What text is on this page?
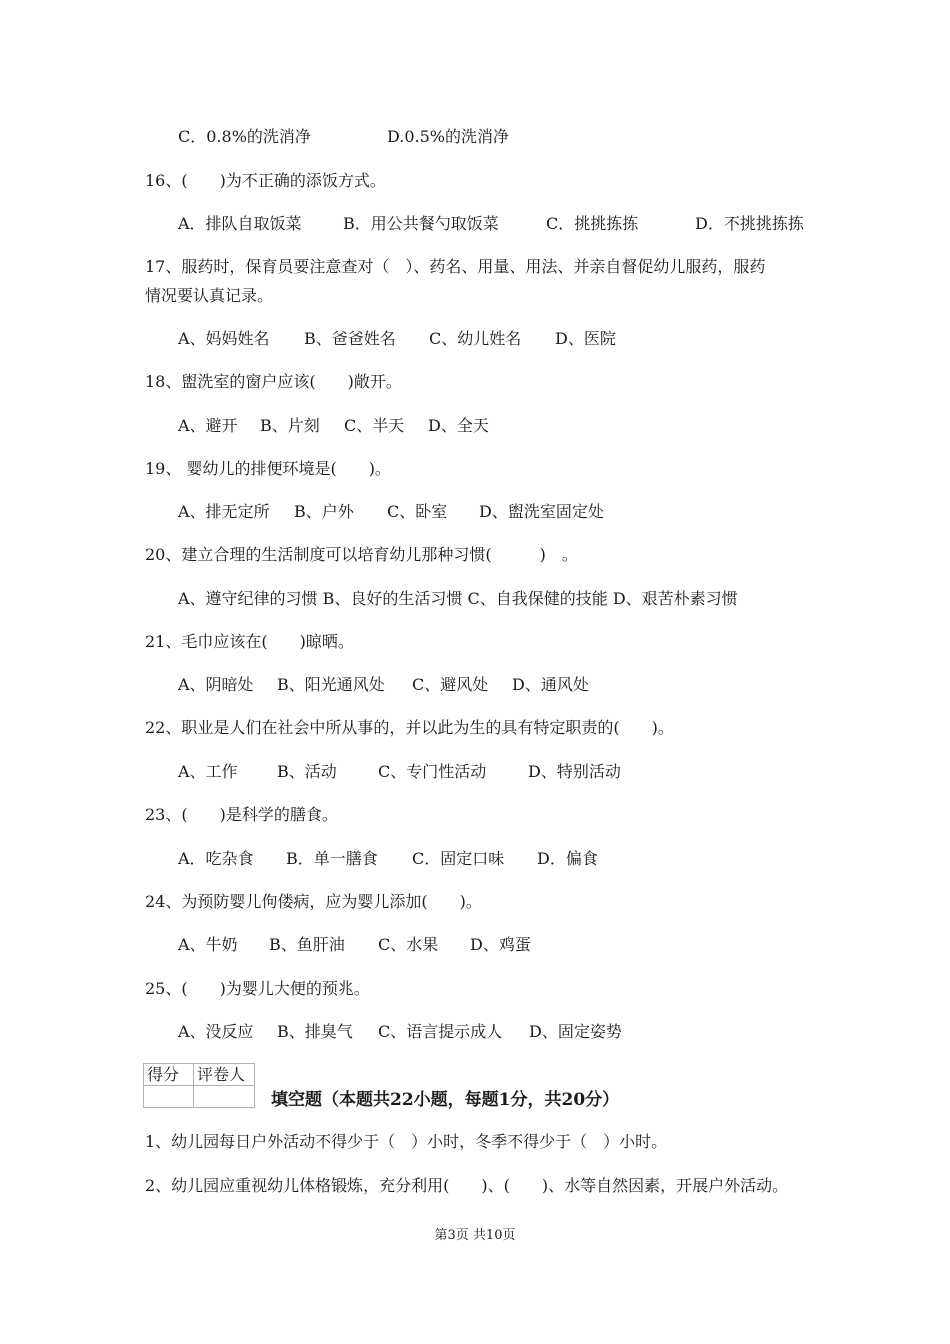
C．0.8%的洗消净	D.0.5%的洗消净
16、(　　)为不正确的添饭方式。
A．排队自取饭菜	B．用公共餐勺取饭菜	C．挑挑拣拣	D．不挑挑拣拣
17、服药时，保育员要注意查对（　）、药名、用量、用法、并亲自督促幼儿服药，服药
情况要认真记录。
A、妈妈姓名 B、爸爸姓名 C、幼儿姓名 D、医院
18、盥洗室的窗户应该(　　)敞开。
A、避开 B、片刻 C、半天 D、全天
19、 婴幼儿的排便环境是(　　)。
A、排无定所 B、户外 C、卧室 D、盥洗室固定处
20、建立合理的生活制度可以培育幼儿那种习惯(　　　)　。
A、遵守纪律的习惯 B、良好的生活习惯 C、自我保健的技能 D、艰苦朴素习惯
21、毛巾应该在(　　)晾晒。
A、阴暗处 B、阳光通风处 C、避风处 D、通风处
22、职业是人们在社会中所从事的，并以此为生的具有特定职责的(　　)。
A、工作 B、活动	C、专门性活动	D、特别活动
23、(　　)是科学的膳食。
A．吃杂食 B．单一膳食 C．固定口味 D．偏食
24、为预防婴儿佝偻病，应为婴儿添加(　　)。
A、牛奶 B、鱼肝油 C、水果 D、鸡蛋
25、(　　)为婴儿大便的预兆。
A、没反应 B、排臭气 C、语言提示成人 D、固定姿势
得分	评卷人

填空题（本题共22小题，每题1分，共20分）
1、幼儿园每日户外活动不得少于（　）小时，冬季不得少于（　）小时。
2、幼儿园应重视幼儿体格锻炼，充分利用(　　)、(　　)、水等自然因素，开展户外活动。
第3页 共10页
